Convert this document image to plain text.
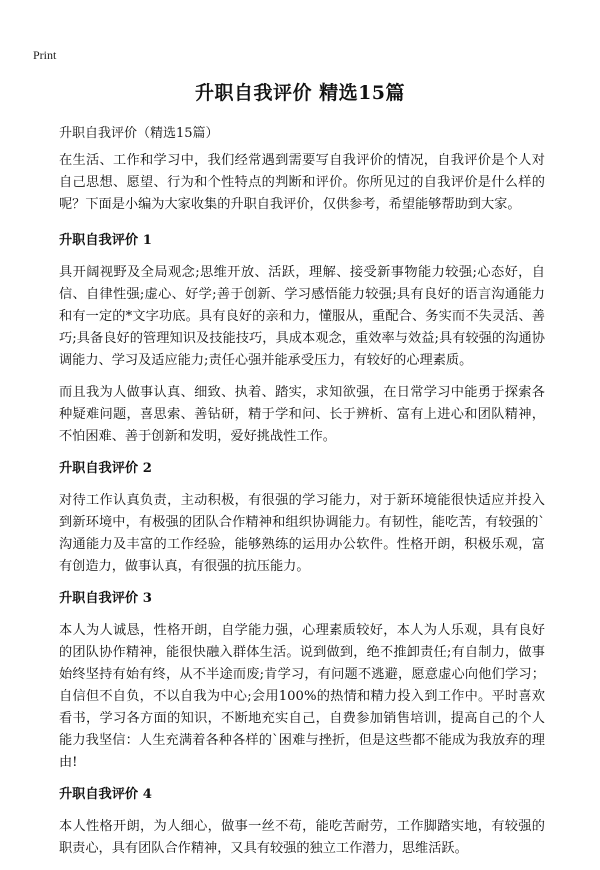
Print
升职自我评价 精选15篇

升职自我评价（精选15篇）

在生活、工作和学习中，我们经常遇到需要写自我评价的情况，自我评价是个人对自己思想、愿望、行为和个性特点的判断和评价。你所见过的自我评价是什么样的呢？下面是小编为大家收集的升职自我评价，仅供参考，希望能够帮助到大家。

升职自我评价 1

具开阔视野及全局观念;思维开放、活跃，理解、接受新事物能力较强;心态好，自信、自律性强;虚心、好学;善于创新、学习感悟能力较强;具有良好的语言沟通能力和有一定的*文字功底。具有良好的亲和力，懂服从，重配合、务实而不失灵活、善巧;具备良好的管理知识及技能技巧，具成本观念，重效率与效益;具有较强的沟通协调能力、学习及适应能力;责任心强并能承受压力，有较好的心理素质。

而且我为人做事认真、细致、执着、踏实，求知欲强，在日常学习中能勇于探索各种疑难问题，喜思索、善钻研，精于学和问、长于辨析、富有上进心和团队精神，不怕困难、善于创新和发明，爱好挑战性工作。

升职自我评价 2

对待工作认真负责，主动积极，有很强的学习能力，对于新环境能很快适应并投入到新环境中，有极强的团队合作精神和组织协调能力。有韧性，能吃苦，有较强的`沟通能力及丰富的工作经验，能够熟练的运用办公软件。性格开朗，积极乐观，富有创造力，做事认真，有很强的抗压能力。

升职自我评价 3

本人为人诚恳，性格开朗，自学能力强，心理素质较好，本人为人乐观，具有良好的团队协作精神，能很快融入群体生活。说到做到，绝不推卸责任;有自制力，做事始终坚持有始有终，从不半途而废;肯学习，有问题不逃避，愿意虚心向他们学习；自信但不自负，不以自我为中心;会用100%的热情和精力投入到工作中。平时喜欢看书，学习各方面的知识，不断地充实自己，自费参加销售培训，提高自己的个人能力我坚信：人生充满着各种各样的`困难与挫折，但是这些都不能成为我放弃的理由!

升职自我评价 4

本人性格开朗，为人细心，做事一丝不苟，能吃苦耐劳，工作脚踏实地，有较强的职责心，具有团队合作精神，又具有较强的独立工作潜力，思维活跃。
